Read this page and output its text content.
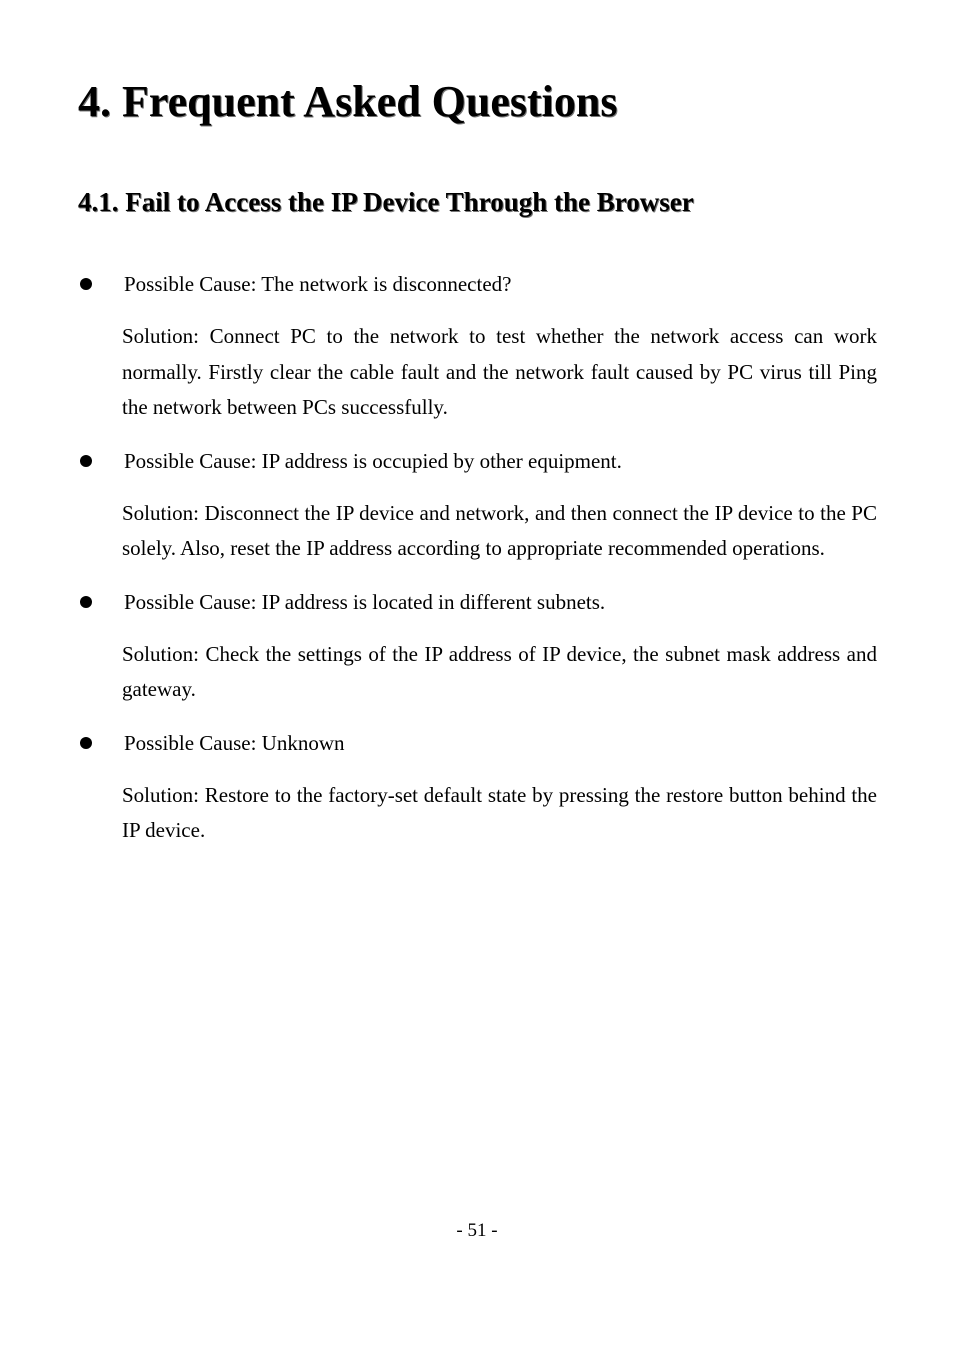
4. Frequent Asked Questions
4.1. Fail to Access the IP Device Through the Browser
Possible Cause: The network is disconnected?

Solution: Connect PC to the network to test whether the network access can work normally. Firstly clear the cable fault and the network fault caused by PC virus till Ping the network between PCs successfully.

Possible Cause: IP address is occupied by other equipment.

Solution: Disconnect the IP device and network, and then connect the IP device to the PC solely. Also, reset the IP address according to appropriate recommended operations.

Possible Cause: IP address is located in different subnets.

Solution: Check the settings of the IP address of IP device, the subnet mask address and gateway.

Possible Cause: Unknown

Solution: Restore to the factory-set default state by pressing the restore button behind the IP device.

- 51 -
